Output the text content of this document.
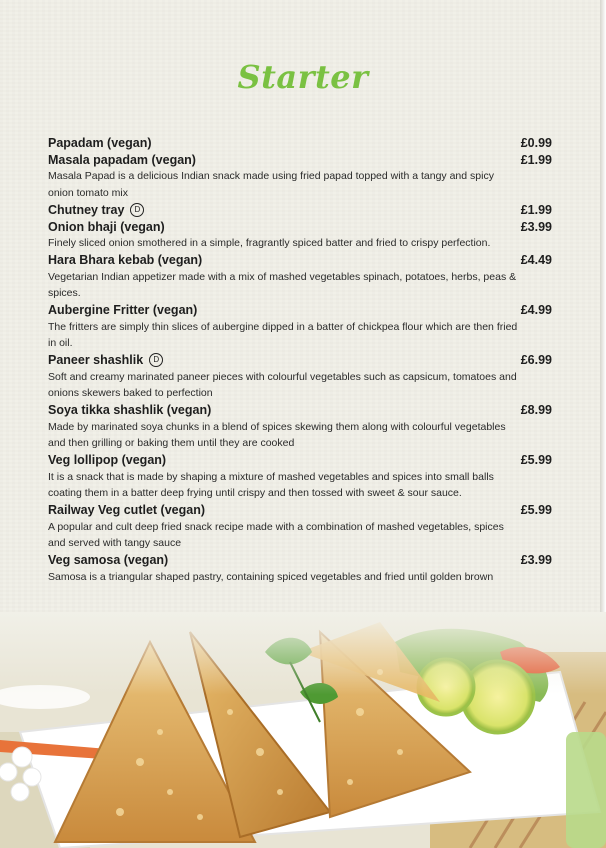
Starter
Papadam (vegan)	£0.99
Masala papadam (vegan)	£1.99
Masala Papad is a delicious Indian snack made using fried papad topped with a tangy and spicy onion tomato mix
Chutney tray	D	£1.99
Onion bhaji (vegan)	£3.99
Finely sliced onion smothered in a simple, fragrantly spiced batter and fried to crispy perfection.
Hara Bhara kebab (vegan)	£4.49
Vegetarian Indian appetizer made with a mix of mashed vegetables spinach, potatoes, herbs, peas & spices.
Aubergine Fritter (vegan)	£4.99
The fritters are simply thin slices of aubergine dipped in a batter of chickpea flour which are then fried in oil.
Paneer shashlik	D	£6.99
Soft and creamy marinated paneer pieces with colourful vegetables such as capsicum, tomatoes and onions skewers baked to perfection
Soya tikka shashlik (vegan)	£8.99
Made by marinated soya chunks in a blend of spices skewing them along with colourful vegetables and then grilling or baking them until they are cooked
Veg lollipop (vegan)	£5.99
It is a snack that is made by shaping a mixture of mashed vegetables and spices into small balls coating them in a batter deep frying until crispy and then tossed with sweet & sour sauce.
Railway Veg cutlet (vegan)	£5.99
A popular and cult deep fried snack recipe made with a combination of mashed vegetables, spices and served with tangy sauce
Veg samosa (vegan)	£3.99
Samosa is a triangular shaped pastry, containing spiced vegetables and fried until golden brown
